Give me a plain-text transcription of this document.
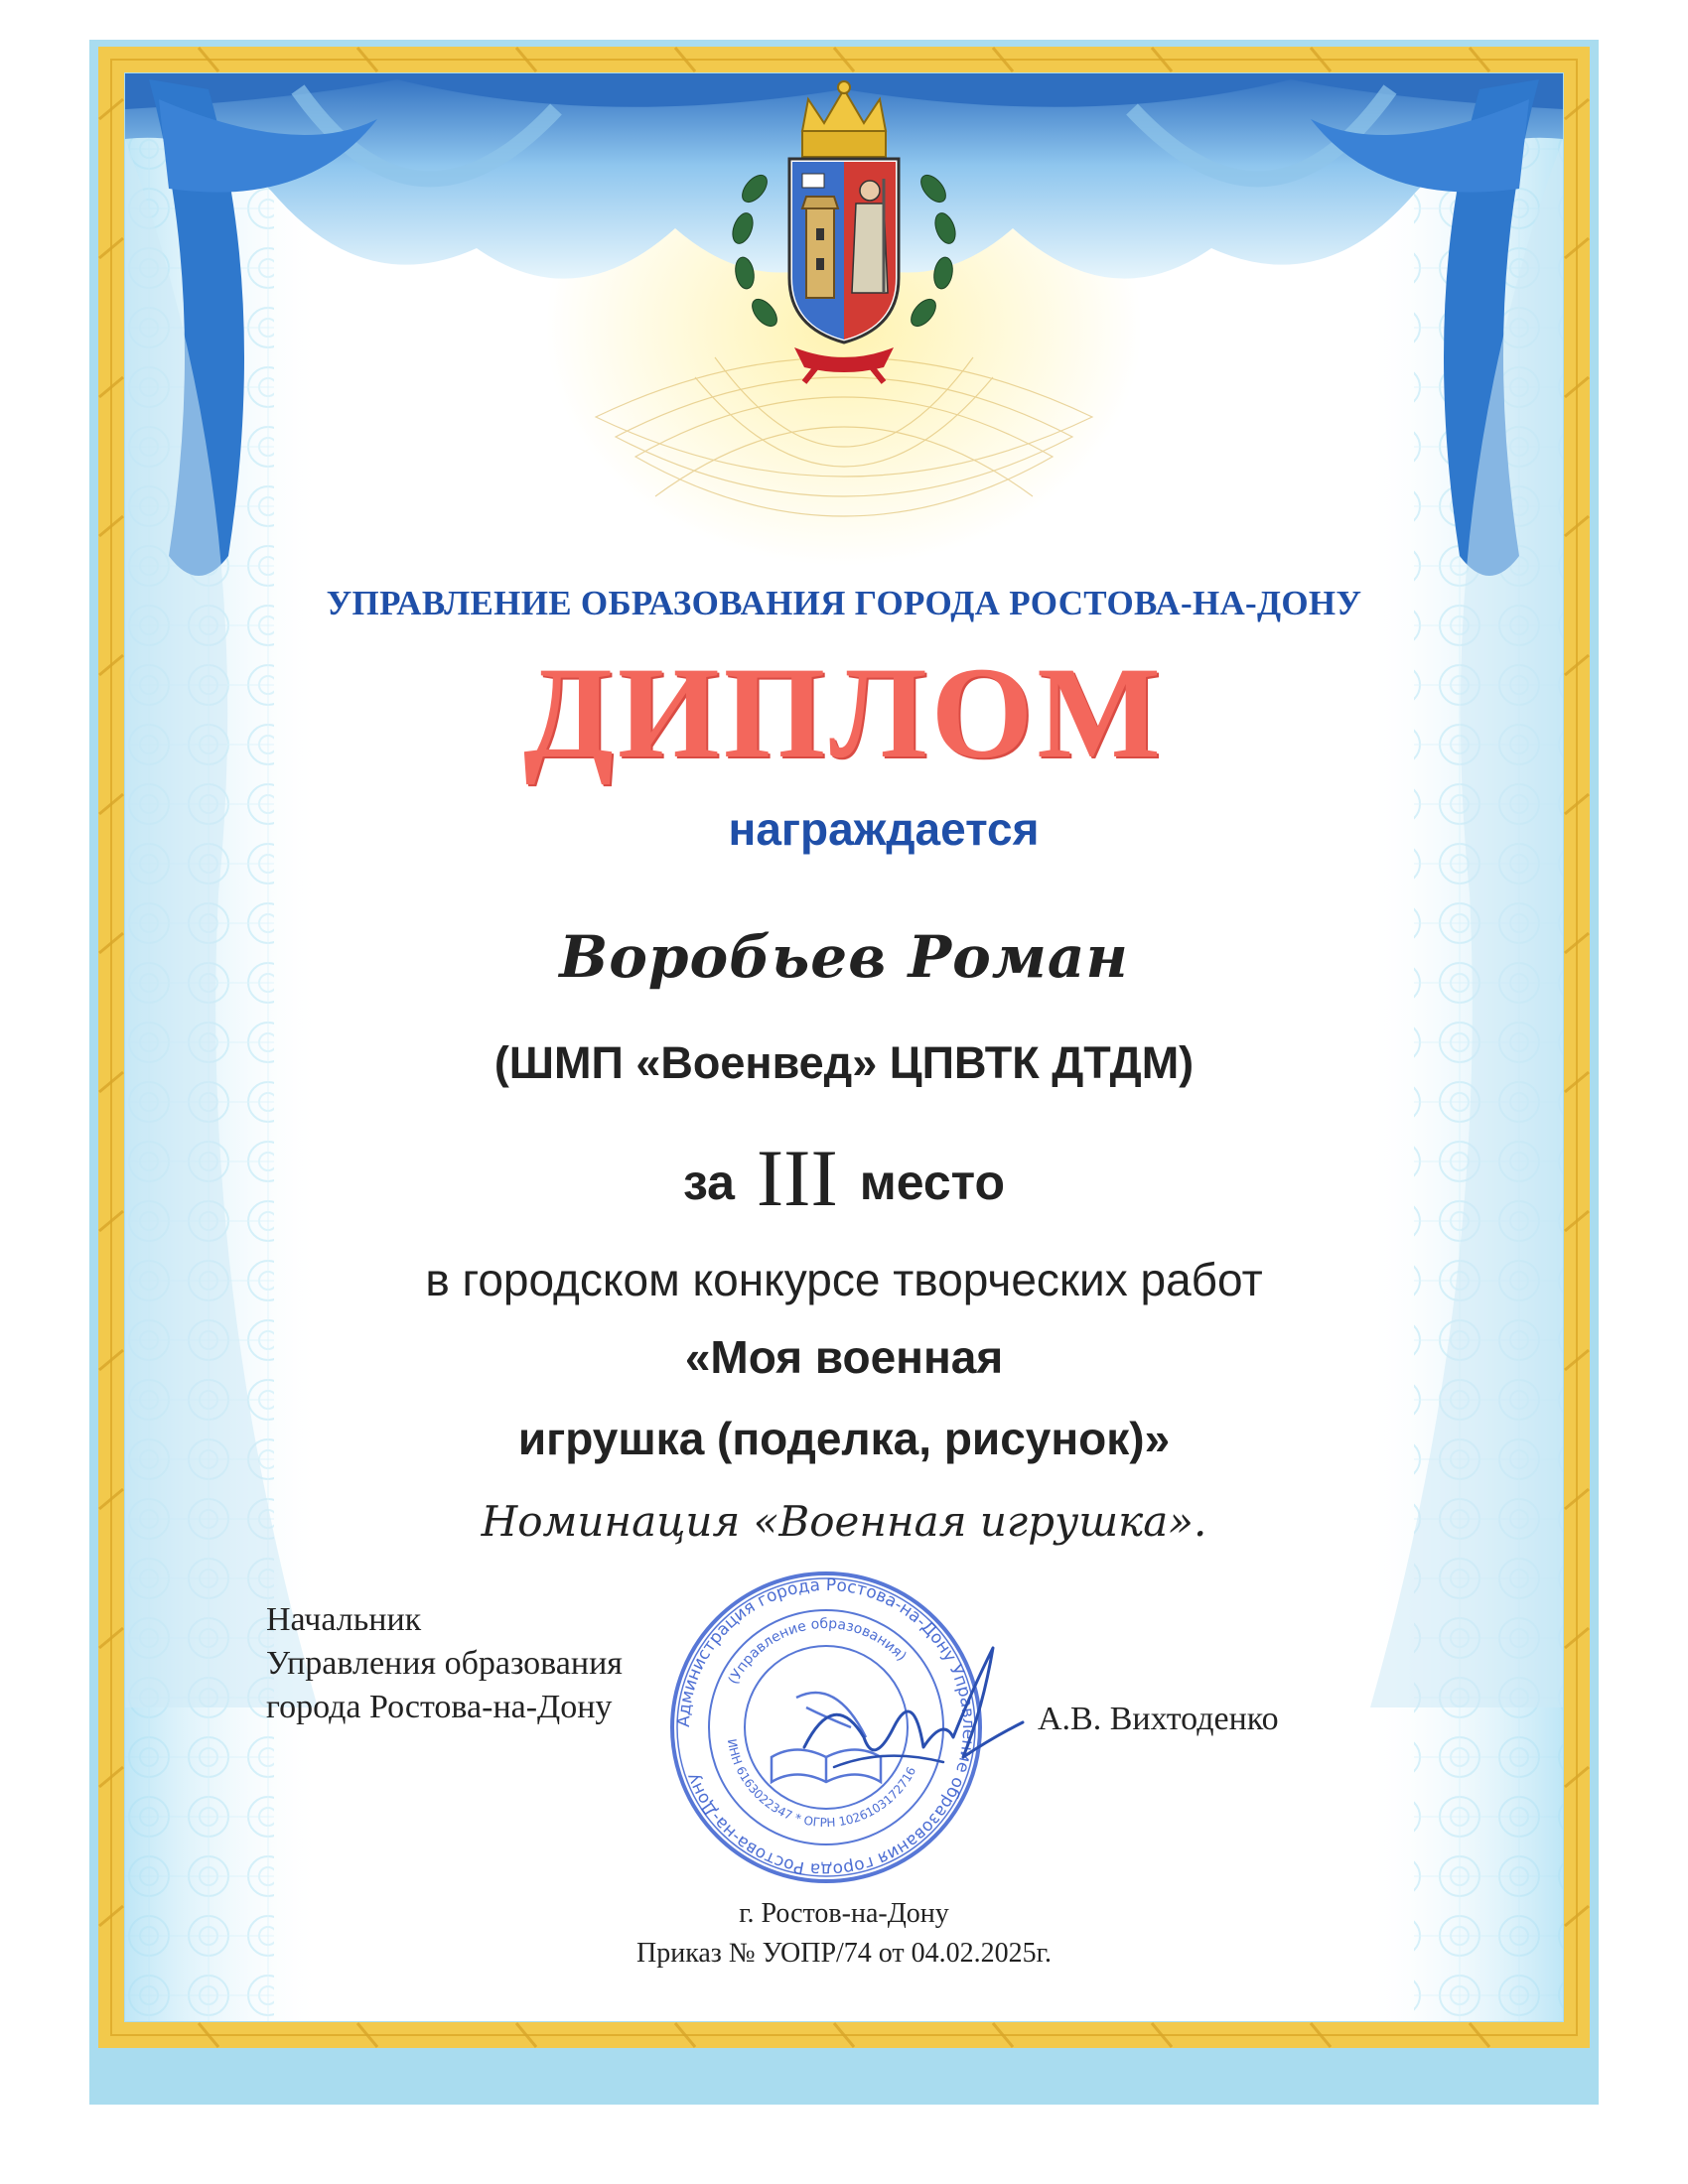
УПРАВЛЕНИЕ ОБРАЗОВАНИЯ ГОРОДА РОСТОВА-НА-ДОНУ

ДИПЛОМ

награждается

Воробьев Роман

(ШМП «Военвед» ЦПВТК ДТДМ)

за III место

в городском конкурсе творческих работ

«Моя военная

игрушка (поделка, рисунок)»

Номинация «Военная игрушка».

Начальник
Управления образования
города Ростова-на-Дону	А.В. Вихтоденко
Администрация города Ростова-на-Дону Управление образования города Ростова-на-Дону
(Управление образования)
ИНН 6163022347 * ОГРН 1026103172716

г. Ростов-на-Дону

Приказ № УОПР/74 от 04.02.2025г.
